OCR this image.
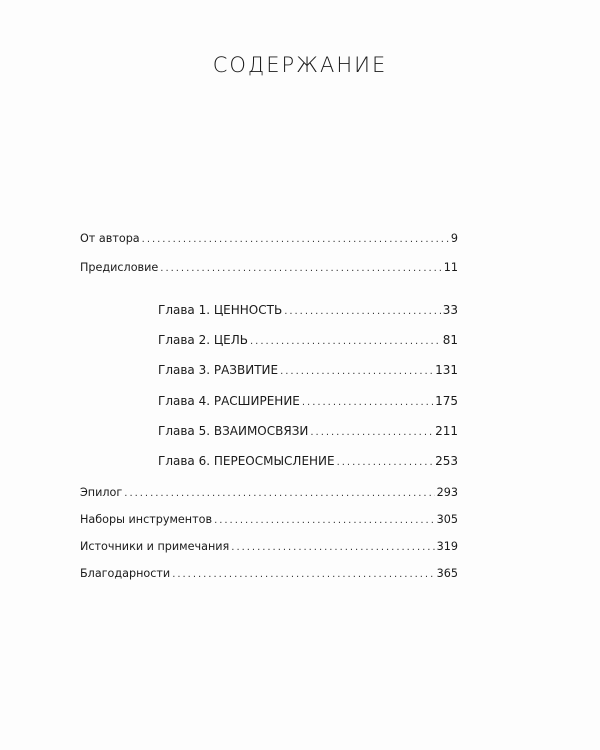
СОДЕРЖАНИЕ
От автора . . .	9
Предисловие . . .	11
Глава 1. ЦЕННОСТЬ . . .	33
Глава 2. ЦЕЛЬ . . .	81
Глава 3. РАЗВИТИЕ . . .	131
Глава 4. РАСШИРЕНИЕ . . .	175
Глава 5. ВЗАИМОСВЯЗИ . . .	211
Глава 6. ПЕРЕОСМЫСЛЕНИЕ . . .	253
Эпилог . . .	293
Наборы инструментов . . .	305
Источники и примечания . . .	319
Благодарности . . .	365
